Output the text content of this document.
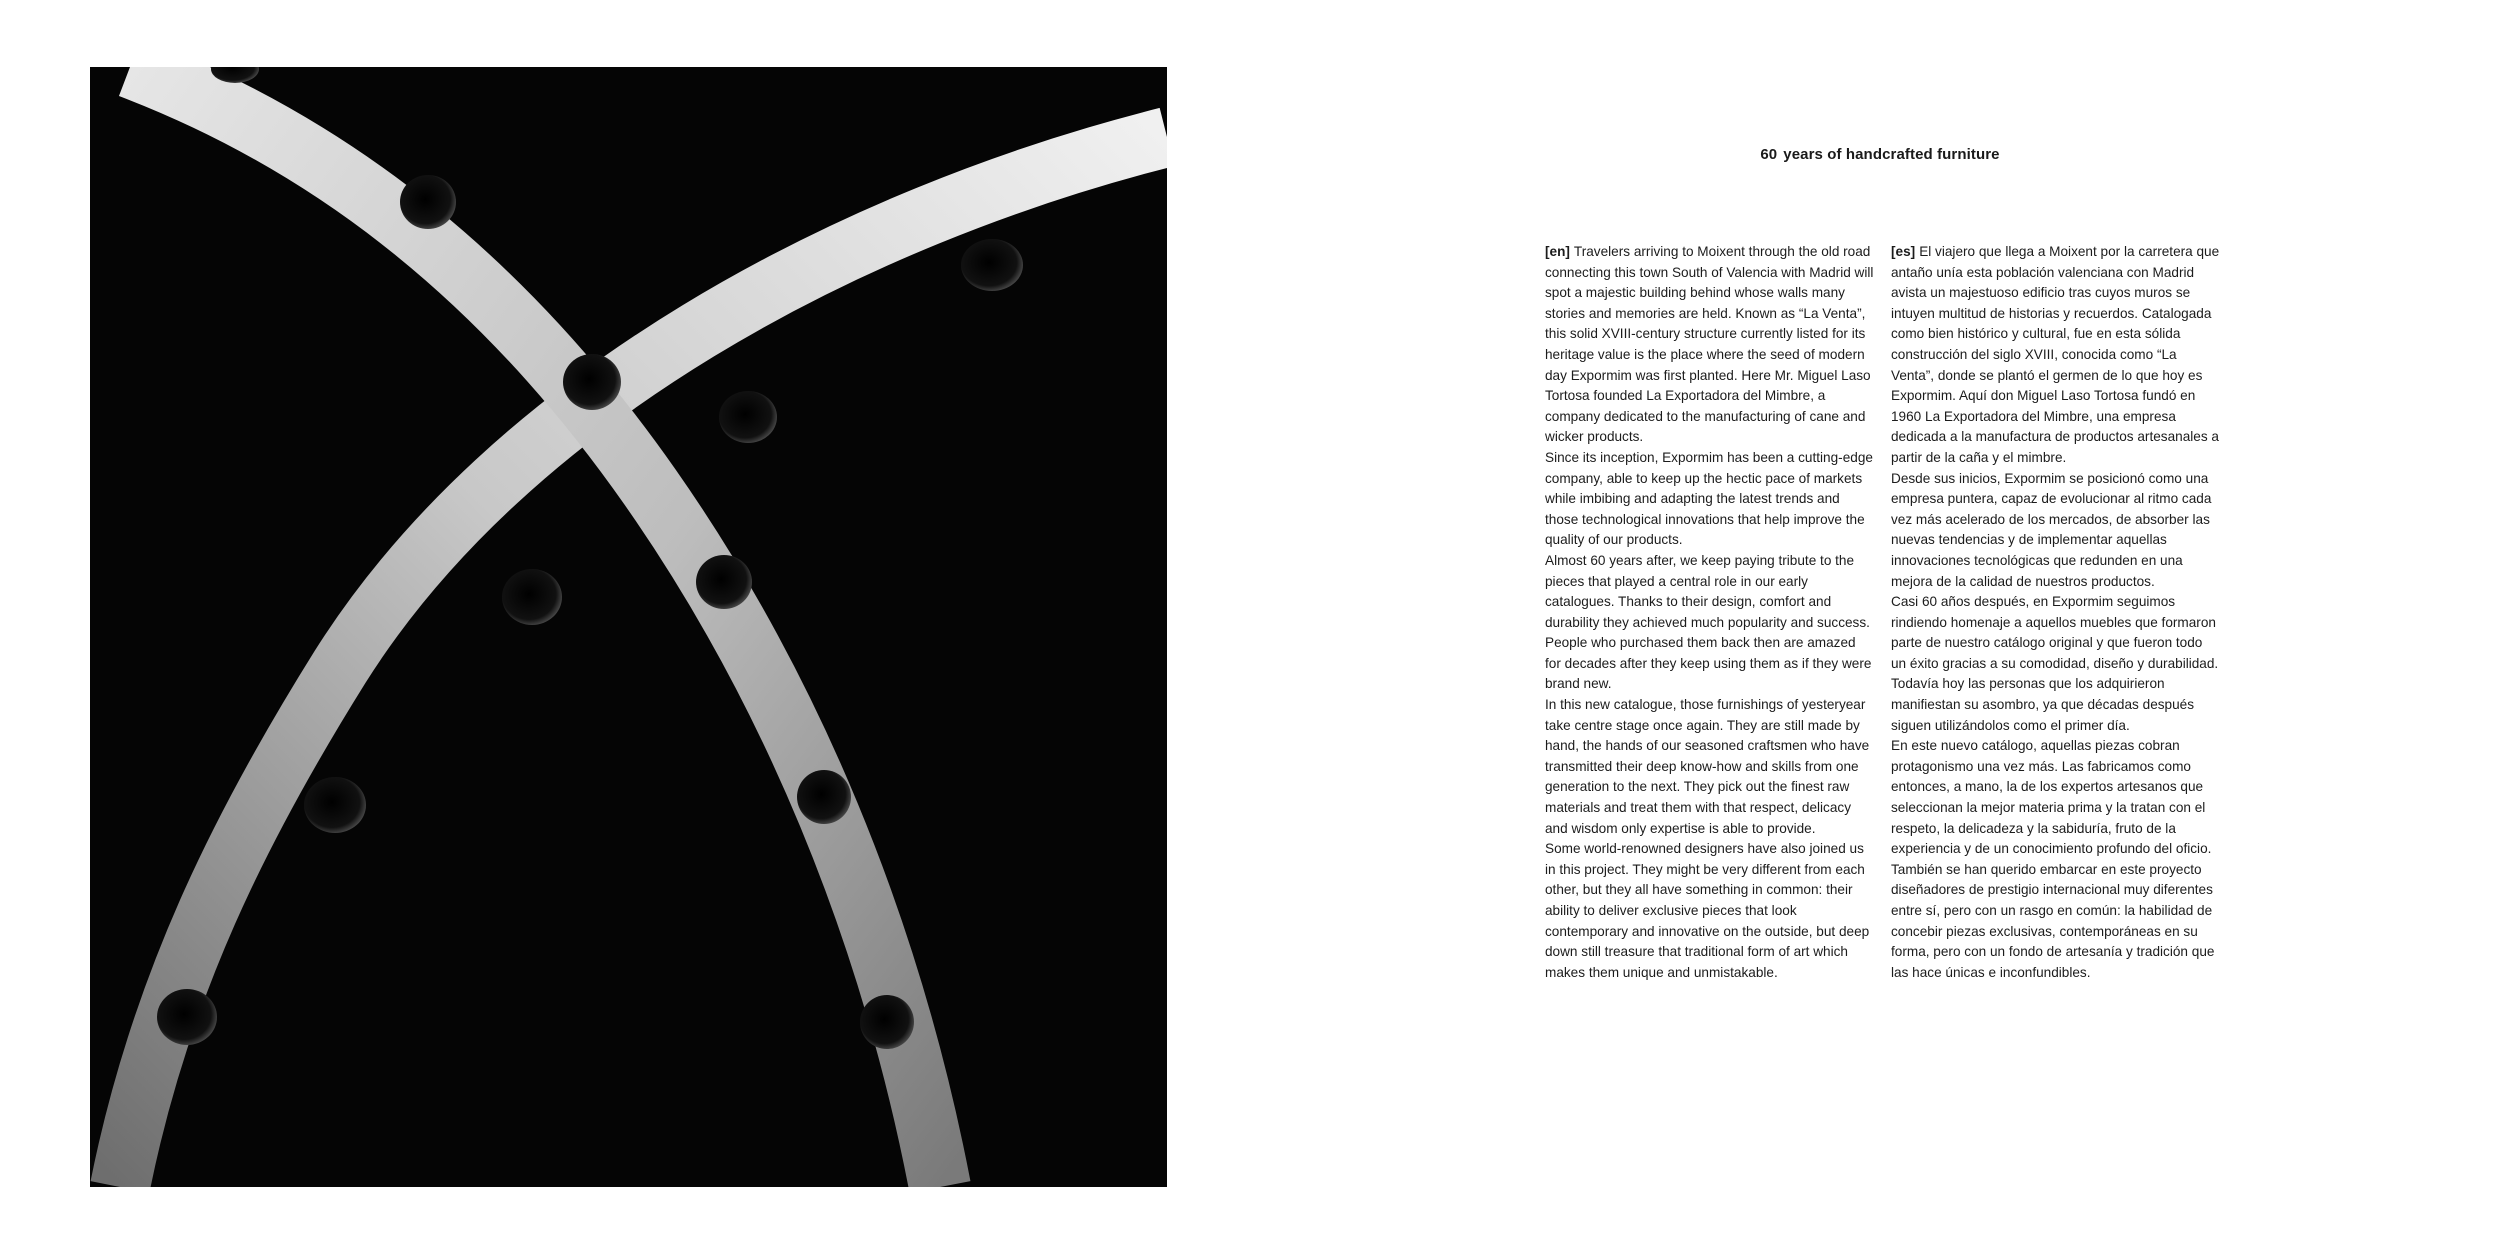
60 years of handcrafted furniture

[en] Travelers arriving to Moixent through the old road connecting this town South of Valencia with Madrid will spot a majestic building behind whose walls many stories and memories are held. Known as “La Venta”, this solid XVIII-century structure currently listed for its heritage value is the place where the seed of modern day Expormim was first planted. Here Mr. Miguel Laso Tortosa founded La Exportadora del Mimbre, a company dedicated to the manufacturing of cane and wicker products.

Since its inception, Expormim has been a cutting-edge company, able to keep up the hectic pace of markets while imbibing and adapting the latest trends and those technological innovations that help improve the quality of our products.

Almost 60 years after, we keep paying tribute to the pieces that played a central role in our early catalogues. Thanks to their design, comfort and durability they achieved much popularity and success. People who purchased them back then are amazed for decades after they keep using them as if they were brand new.

In this new catalogue, those furnishings of yesteryear take centre stage once again. They are still made by hand, the hands of our seasoned craftsmen who have transmitted their deep know-how and skills from one generation to the next. They pick out the finest raw materials and treat them with that respect, delicacy and wisdom only expertise is able to provide.

Some world-renowned designers have also joined us in this project. They might be very different from each other, but they all have something in common: their ability to deliver exclusive pieces that look contemporary and innovative on the outside, but deep down still treasure that traditional form of art which makes them unique and unmistakable.

[es] El viajero que llega a Moixent por la carretera que antaño unía esta población valenciana con Madrid avista un majestuoso edificio tras cuyos muros se intuyen multitud de historias y recuerdos. Catalogada como bien histórico y cultural, fue en esta sólida construcción del siglo XVIII, conocida como “La Venta”, donde se plantó el germen de lo que hoy es Expormim. Aquí don Miguel Laso Tortosa fundó en 1960 La Exportadora del Mimbre, una empresa dedicada a la manufactura de productos artesanales a partir de la caña y el mimbre.

Desde sus inicios, Expormim se posicionó como una empresa puntera, capaz de evolucionar al ritmo cada vez más acelerado de los mercados, de absorber las nuevas tendencias y de implementar aquellas innovaciones tecnológicas que redunden en una mejora de la calidad de nuestros productos.

Casi 60 años después, en Expormim seguimos rindiendo homenaje a aquellos muebles que formaron parte de nuestro catálogo original y que fueron todo un éxito gracias a su comodidad, diseño y durabilidad. Todavía hoy las personas que los adquirieron manifiestan su asombro, ya que décadas después siguen utilizándolos como el primer día.

En este nuevo catálogo, aquellas piezas cobran protagonismo una vez más. Las fabricamos como entonces, a mano, la de los expertos artesanos que seleccionan la mejor materia prima y la tratan con el respeto, la delicadeza y la sabiduría, fruto de la experiencia y de un conocimiento profundo del oficio.

También se han querido embarcar en este proyecto diseñadores de prestigio internacional muy diferentes entre sí, pero con un rasgo en común: la habilidad de concebir piezas exclusivas, contemporáneas en su forma, pero con un fondo de artesanía y tradición que las hace únicas e inconfundibles.
